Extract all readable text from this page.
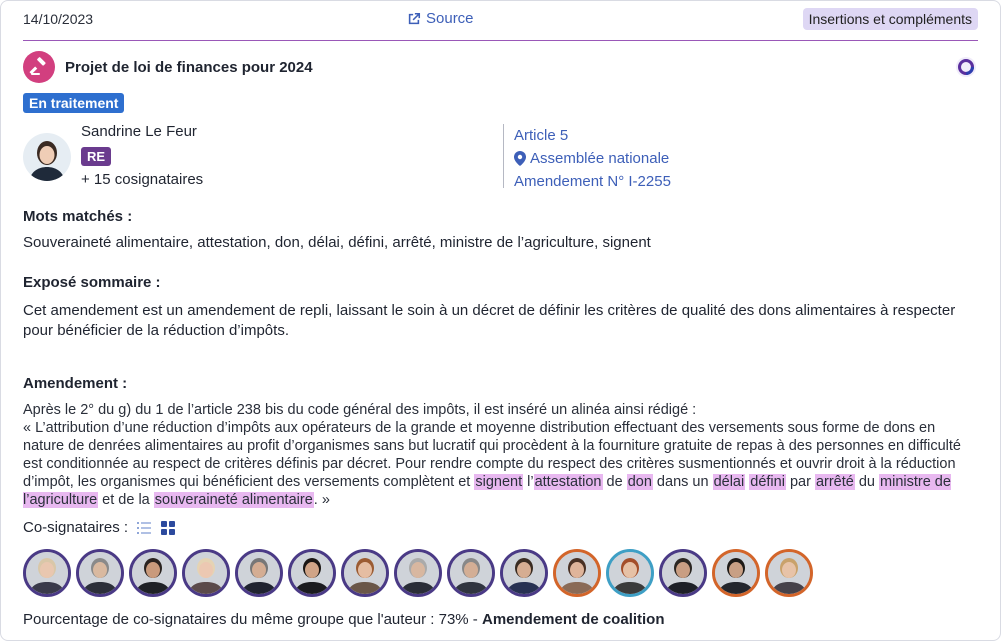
14/10/2023	Source	Insertions et compléments
Projet de loi de finances pour 2024
En traitement
Sandrine Le Feur
RE
+ 15 cosignataires
Article 5
Assemblée nationale
Amendement N° I-2255
Mots matchés :
Souveraineté alimentaire, attestation, don, délai, défini, arrêté, ministre de l’agriculture, signent
Exposé sommaire :
Cet amendement est un amendement de repli, laissant le soin à un décret de définir les critères de qualité des dons alimentaires à respecter pour bénéficier de la réduction d’impôts.
Amendement :
Après le 2° du g) du 1 de l’article 238 bis du code général des impôts, il est inséré un alinéa ainsi rédigé :
« L’attribution d’une réduction d’impôts aux opérateurs de la grande et moyenne distribution effectuant des versements sous forme de dons en nature de denrées alimentaires au profit d’organismes sans but lucratif qui procèdent à la fourniture gratuite de repas à des personnes en difficulté est conditionnée au respect de critères définis par décret. Pour rendre compte du respect des critères susmentionnés et ouvrir droit à la réduction d’impôt, les organismes qui bénéficient des versements complètent et signent l’attestation de don dans un délai défini par arrêté du ministre de l’agriculture et de la souveraineté alimentaire. »
Co-signataires :
Pourcentage de co-signataires du même groupe que l'auteur : 73% - Amendement de coalition
